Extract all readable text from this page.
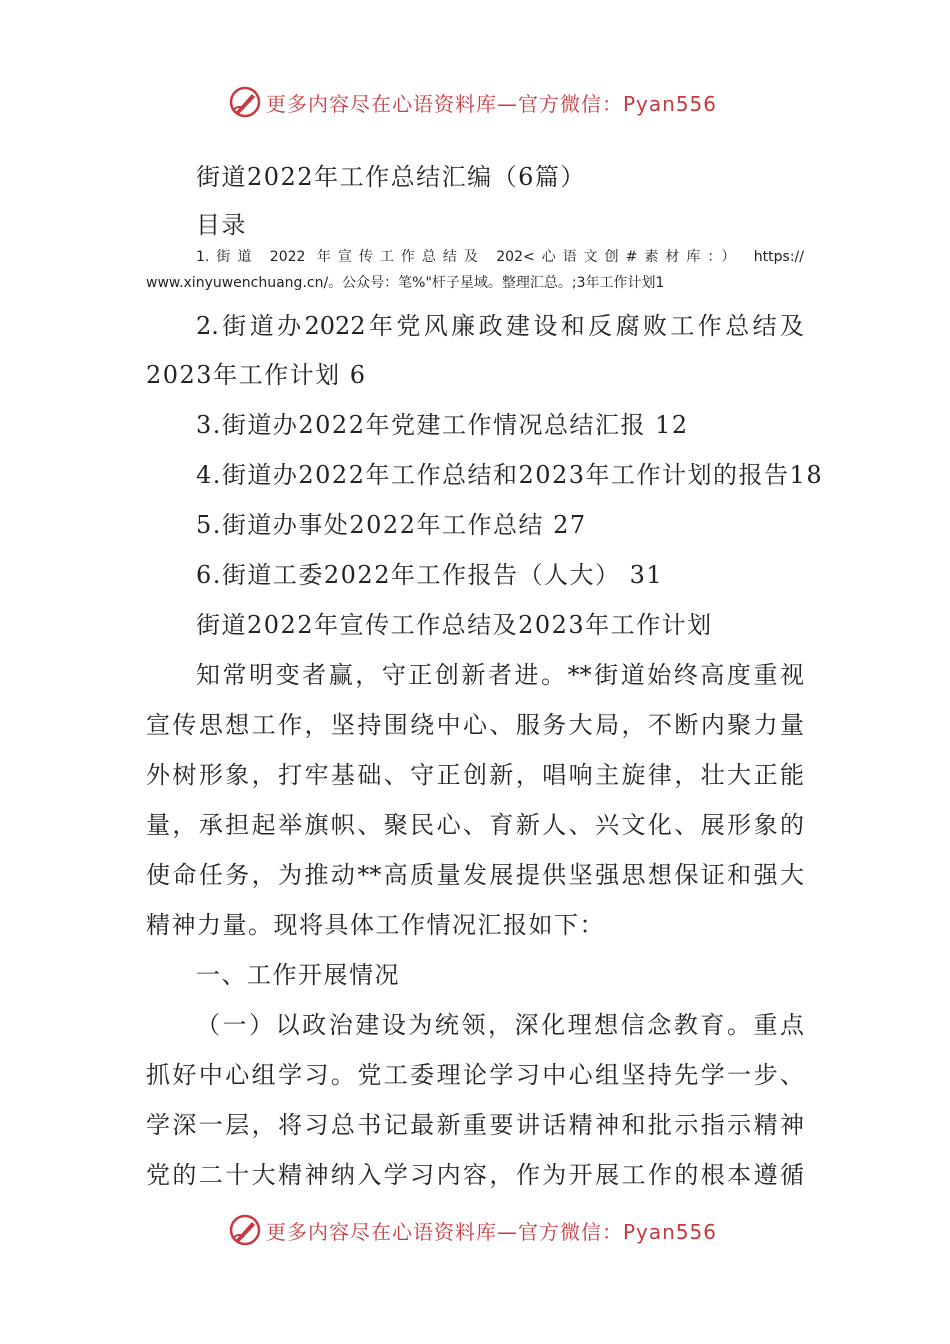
更多内容尽在心语资料库—官方微信：Pyan556
街道2022年工作总结汇编（6篇）
目录
1.街道 2022 年宣传工作总结及 202<心语文创#素材库：） https://
www.xinyuwenchuang.cn/。公众号：笔%"杆子星域。整理汇总。;3年工作计划1
2.街道办2022年党风廉政建设和反腐败工作总结及
2023年工作计划 6
3.街道办2022年党建工作情况总结汇报 12
4.街道办2022年工作总结和2023年工作计划的报告18
5.街道办事处2022年工作总结 27
6.街道工委2022年工作报告（人大） 31
街道2022年宣传工作总结及2023年工作计划
知常明变者赢，守正创新者进。**街道始终高度重视
宣传思想工作，坚持围绕中心、服务大局，不断内聚力量
外树形象，打牢基础、守正创新，唱响主旋律，壮大正能
量，承担起举旗帜、聚民心、育新人、兴文化、展形象的
使命任务，为推动**高质量发展提供坚强思想保证和强大
精神力量。现将具体工作情况汇报如下：
一、工作开展情况
（一）以政治建设为统领，深化理想信念教育。重点
抓好中心组学习。党工委理论学习中心组坚持先学一步、
学深一层，将习总书记最新重要讲话精神和批示指示精神
党的二十大精神纳入学习内容，作为开展工作的根本遵循
更多内容尽在心语资料库—官方微信：Pyan556
